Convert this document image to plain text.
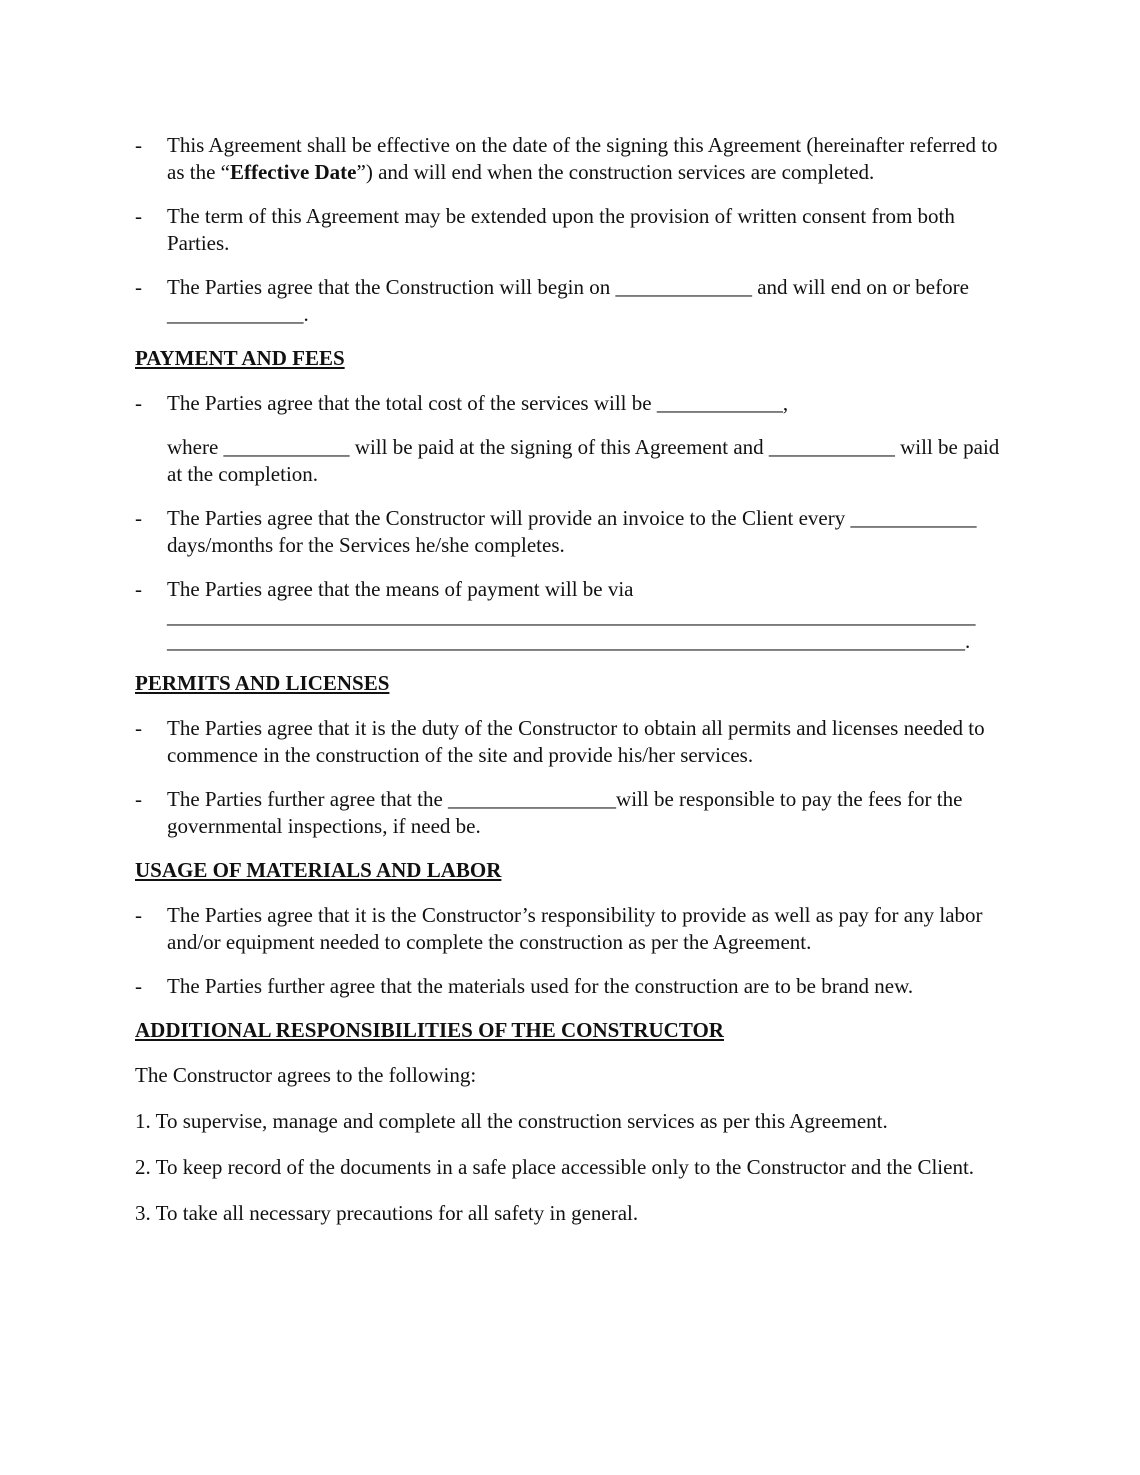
- This Agreement shall be effective on the date of the signing this Agreement (hereinafter referred to as the “Effective Date”) and will end when the construction services are completed.
- The term of this Agreement may be extended upon the provision of written consent from both Parties.
- The Parties agree that the Construction will begin on _____________ and will end on or before _____________.
PAYMENT AND FEES
- The Parties agree that the total cost of the services will be ____________,
where ____________ will be paid at the signing of this Agreement and ____________ will be paid at the completion.
- The Parties agree that the Constructor will provide an invoice to the Client every ____________ days/months for the Services he/she completes.
- The Parties agree that the means of payment will be via
_____________________________________________________________________________
____________________________________________________________________________.
PERMITS AND LICENSES
- The Parties agree that it is the duty of the Constructor to obtain all permits and licenses needed to commence in the construction of the site and provide his/her services.
- The Parties further agree that the ________________will be responsible to pay the fees for the governmental inspections, if need be.
USAGE OF MATERIALS AND LABOR
- The Parties agree that it is the Constructor’s responsibility to provide as well as pay for any labor and/or equipment needed to complete the construction as per the Agreement.
- The Parties further agree that the materials used for the construction are to be brand new.
ADDITIONAL RESPONSIBILITIES OF THE CONSTRUCTOR
The Constructor agrees to the following:
1. To supervise, manage and complete all the construction services as per this Agreement.
2. To keep record of the documents in a safe place accessible only to the Constructor and the Client.
3. To take all necessary precautions for all safety in general.
